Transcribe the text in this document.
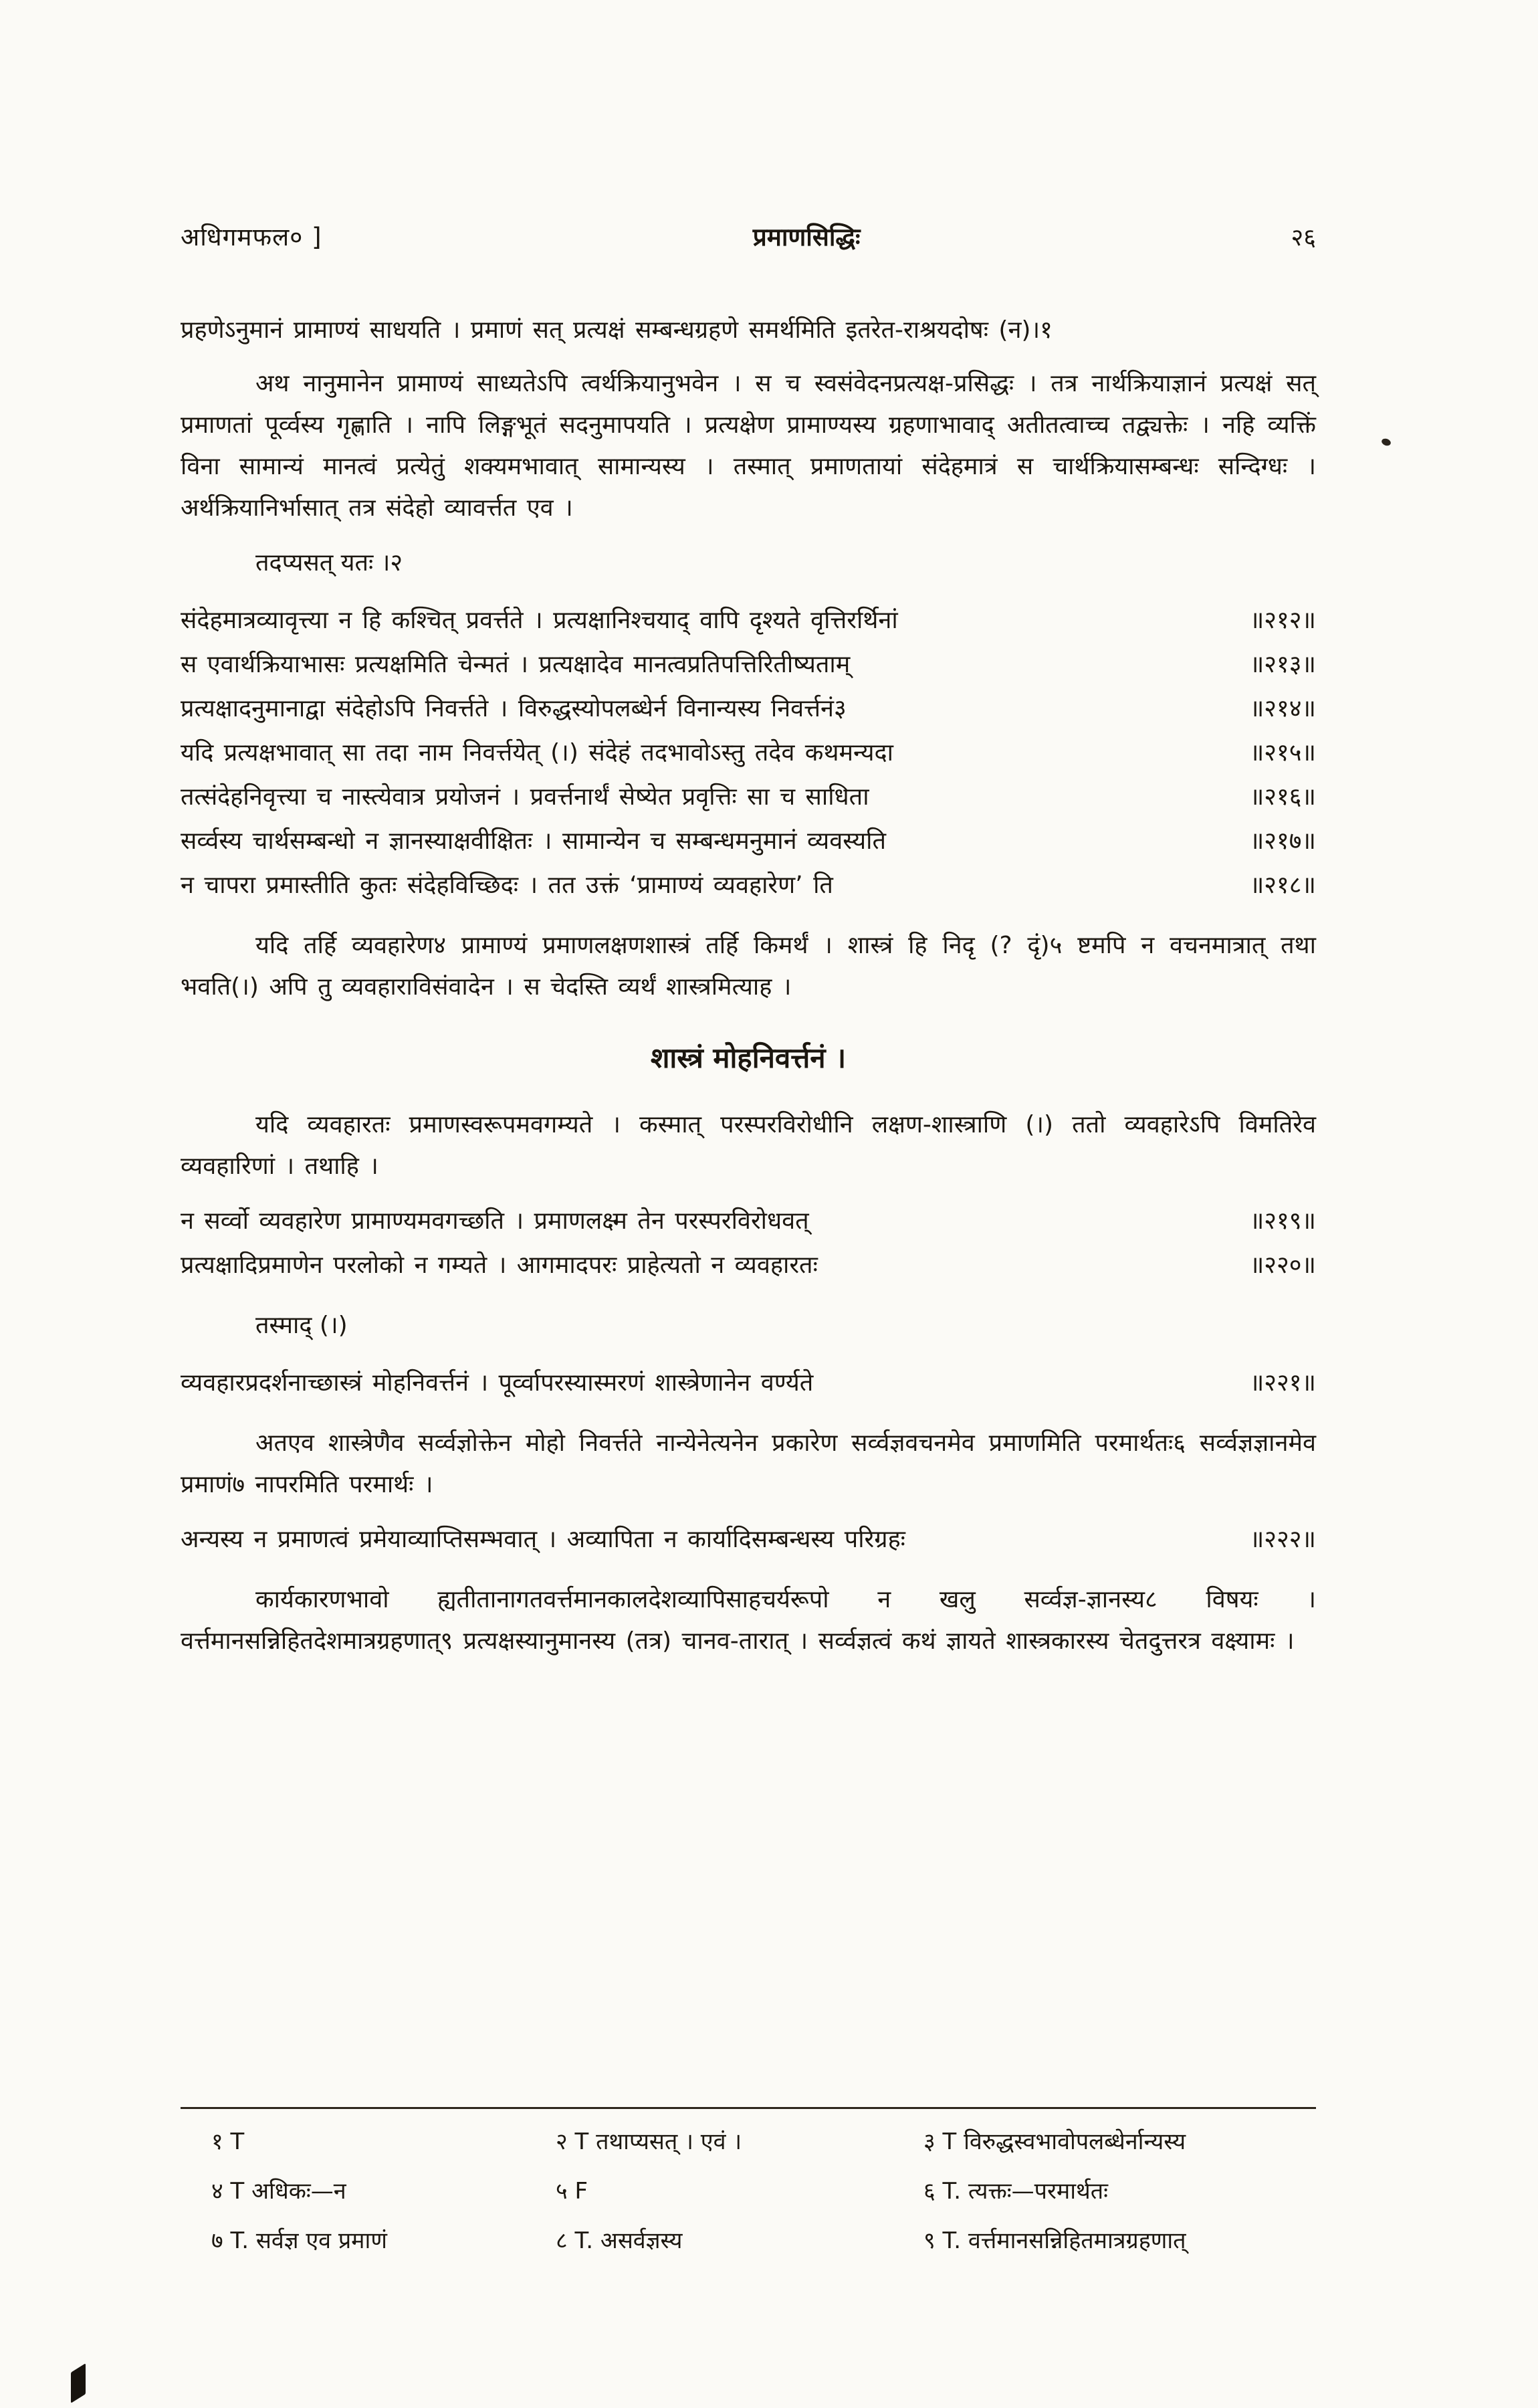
अधिगमफल० ]	प्रमाणसिद्धिः	२६

प्रहणेऽनुमानं प्रामाण्यं साधयति । प्रमाणं सत् प्रत्यक्षं सम्बन्धग्रहणे समर्थमिति इतरेत-राश्रयदोषः (न)।१

अथ नानुमानेन प्रामाण्यं साध्यतेऽपि त्वर्थक्रियानुभवेन । स च स्वसंवेदनप्रत्यक्ष-प्रसिद्धः । तत्र नार्थक्रियाज्ञानं प्रत्यक्षं सत् प्रमाणतां पूर्व्वस्य गृह्णाति । नापि लिङ्गभूतं सदनुमापयति । प्रत्यक्षेण प्रामाण्यस्य ग्रहणाभावाद् अतीतत्वाच्च तद्व्यक्तेः । नहि व्यक्तिं विना सामान्यं मानत्वं प्रत्येतुं शक्यमभावात् सामान्यस्य । तस्मात् प्रमाणतायां संदेहमात्रं स चार्थक्रियासम्बन्धः सन्दिग्धः । अर्थक्रियानिर्भासात् तत्र संदेहो व्यावर्त्तत एव ।

तदप्यसत् यतः ।२

संदेहमात्रव्यावृत्त्या न हि कश्चित् प्रवर्त्तते । प्रत्यक्षानिश्चयाद् वापि दृश्यते वृत्तिरर्थिनां	॥२१२॥
स एवार्थक्रियाभासः प्रत्यक्षमिति चेन्मतं । प्रत्यक्षादेव मानत्वप्रतिपत्तिरितीष्यताम्	॥२१३॥
प्रत्यक्षादनुमानाद्वा संदेहोऽपि निवर्त्तते । विरुद्धस्योपलब्धेर्न विनान्यस्य निवर्त्तनं३	॥२१४॥
यदि प्रत्यक्षभावात् सा तदा नाम निवर्त्तयेत् (।) संदेहं तदभावोऽस्तु तदेव कथमन्यदा	॥२१५॥
तत्संदेहनिवृत्त्या च नास्त्येवात्र प्रयोजनं । प्रवर्त्तनार्थं सेष्येत प्रवृत्तिः सा च साधिता	॥२१६॥
सर्व्वस्य चार्थसम्बन्धो न ज्ञानस्याक्षवीक्षितः । सामान्येन च सम्बन्धमनुमानं व्यवस्यति	॥२१७॥
न चापरा प्रमास्तीति कुतः संदेहविच्छिदः । तत उक्तं ‘प्रामाण्यं व्यवहारेण’ ति	॥२१८॥

यदि तर्हि व्यवहारेण४ प्रामाण्यं प्रमाणलक्षणशास्त्रं तर्हि किमर्थं । शास्त्रं हि निदृ (? दृं)५ ष्टमपि न वचनमात्रात् तथा भवति(।) अपि तु व्यवहाराविसंवादेन । स चेदस्ति व्यर्थं शास्त्रमित्याह ।

शास्त्रं मोहनिवर्त्तनं ।

यदि व्यवहारतः प्रमाणस्वरूपमवगम्यते । कस्मात् परस्परविरोधीनि लक्षण-शास्त्राणि (।) ततो व्यवहारेऽपि विमतिरेव व्यवहारिणां । तथाहि ।

न सर्व्वो व्यवहारेण प्रामाण्यमवगच्छति । प्रमाणलक्ष्म तेन परस्परविरोधवत्	॥२१९॥
प्रत्यक्षादिप्रमाणेन परलोको न गम्यते । आगमादपरः प्राहेत्यतो न व्यवहारतः	॥२२०॥

तस्माद् (।)

व्यवहारप्रदर्शनाच्छास्त्रं मोहनिवर्त्तनं । पूर्व्वापरस्यास्मरणं शास्त्रेणानेन वर्ण्यते	॥२२१॥

अतएव शास्त्रेणैव सर्व्वज्ञोक्तेन मोहो निवर्त्तते नान्येनेत्यनेन प्रकारेण सर्व्वज्ञवचनमेव प्रमाणमिति परमार्थतः६ सर्व्वज्ञज्ञानमेव प्रमाणं७ नापरमिति परमार्थः ।

अन्यस्य न प्रमाणत्वं प्रमेयाव्याप्तिसम्भवात् । अव्यापिता न कार्यादिसम्बन्धस्य परिग्रहः	॥२२२॥

कार्यकारणभावो ह्यतीतानागतवर्त्तमानकालदेशव्यापिसाहचर्यरूपो न खलु सर्व्वज्ञ-ज्ञानस्य८ विषयः । वर्त्तमानसन्निहितदेशमात्रग्रहणात्९ प्रत्यक्षस्यानुमानस्य (तत्र) चानव-तारात् । सर्व्वज्ञत्वं कथं ज्ञायते शास्त्रकारस्य चेतदुत्तरत्र वक्ष्यामः ।

१ T	२ T तथाप्यसत् । एवं ।	३ T विरुद्धस्वभावोपलब्धेर्नान्यस्य
४ T अधिकः—न	५ F	६ T. त्यक्तः—परमार्थतः
७ T. सर्वज्ञ एव प्रमाणं	८ T. असर्वज्ञस्य	९ T. वर्त्तमानसन्निहितमात्रग्रहणात्
